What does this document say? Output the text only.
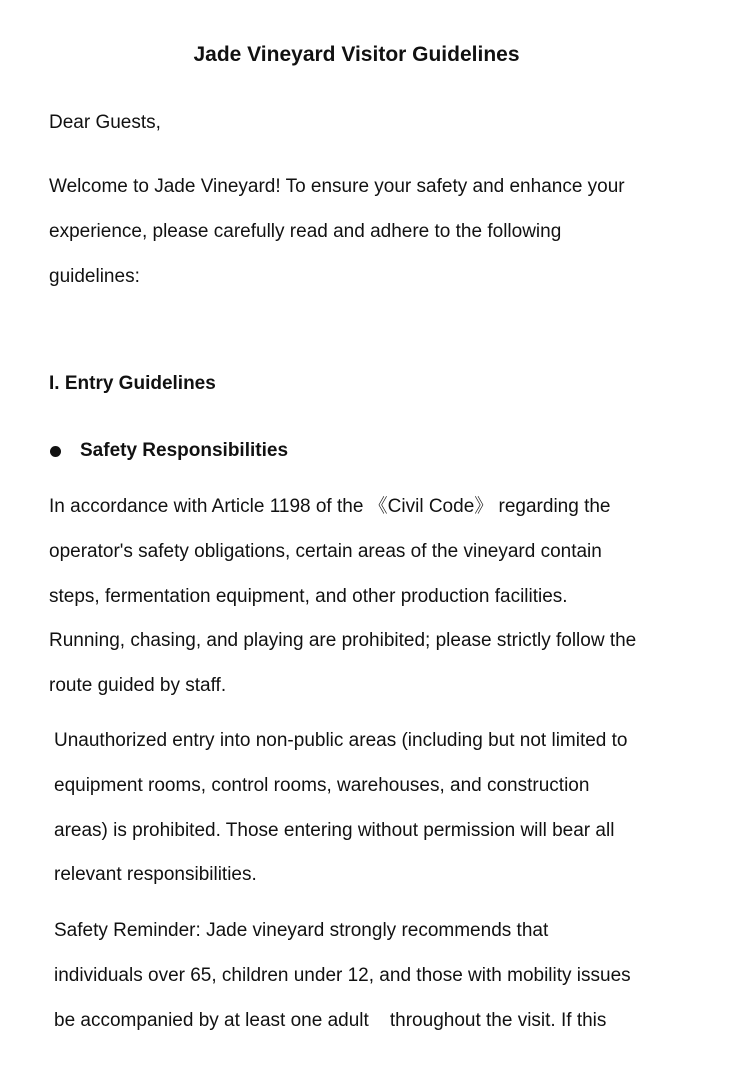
Jade Vineyard Visitor Guidelines

Dear Guests,

Welcome to Jade Vineyard! To ensure your safety and enhance your
experience, please carefully read and adhere to the following
guidelines:

I. Entry Guidelines
Safety Responsibilities

In accordance with Article 1198 of the 《Civil Code》 regarding the
operator's safety obligations, certain areas of the vineyard contain
steps, fermentation equipment, and other production facilities.
Running, chasing, and playing are prohibited; please strictly follow the
route guided by staff.

Unauthorized entry into non-public areas (including but not limited to
equipment rooms, control rooms, warehouses, and construction
areas) is prohibited. Those entering without permission will bear all
relevant responsibilities.

Safety Reminder: Jade vineyard strongly recommends that
individuals over 65, children under 12, and those with mobility issues
be accompanied by at least one adult    throughout the visit. If this
